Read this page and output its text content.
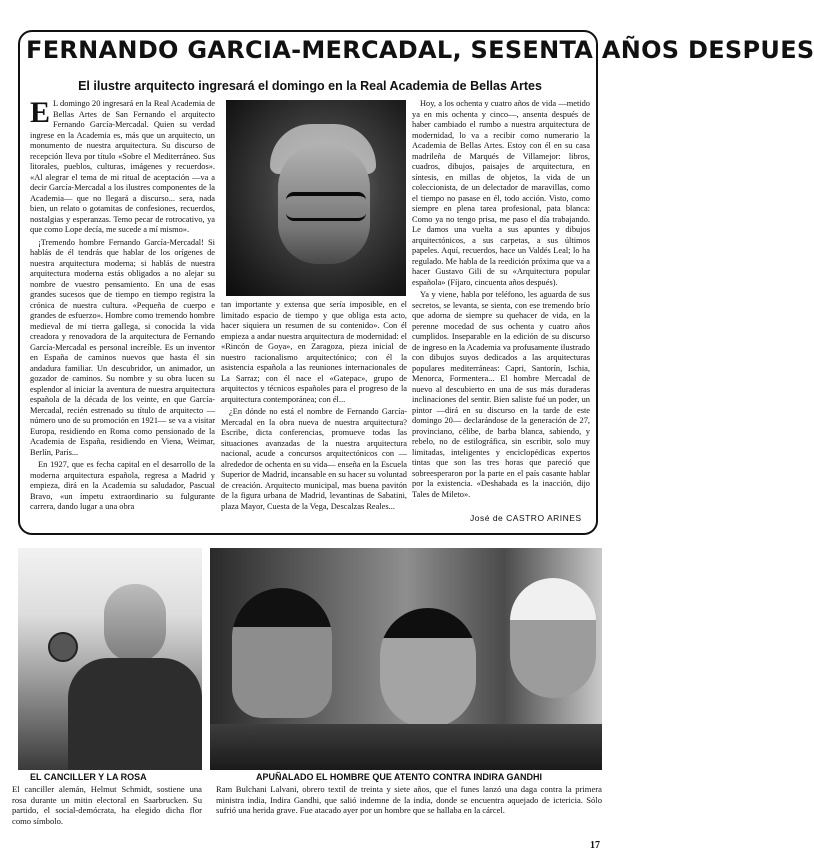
FERNANDO GARCIA-MERCADAL, SESENTA AÑOS DESPUES
El ilustre arquitecto ingresará el domingo en la Real Academia de Bellas Artes

E L domingo 20 ingresará en la Real Academia de Bellas Artes de San Fernando el arquitecto Fernando García-Mercadal. Quien su verdad ingrese en la Academia es, más que un arquitecto, un monumento de nuestra arquitectura. Su discurso de recepción lleva por título «Sobre el Mediterráneo. Sus litorales, pueblos, culturas, imágenes y recuerdos». «Al alegrar el tema de mi ritual de aceptación —va a decir García-Mercadal a los ilustres componentes de la Academia— que no llegará a discurso... sera, nada bien, un relato o gotamitas de confesiones, recuerdos, nostalgias y esperanzas. Temo pecar de rotrocativo, ya que como Lope decía, me sucede a mí mismo».

¡Tremendo hombre Fernando García-Mercadal! Si hablás de él tendrás que hablar de los orígenes de nuestra arquitectura moderna; si hablás de nuestra arquitectura moderna estás obligados a no alejar su nombre de vuestro pensamiento. En una de esas grandes sucesos que de tiempo en tiempo registra la crónica de nuestra cultura. «Pequeña de cuerpo e grandes de esfuerzo». Hombre como tremendo hombre medieval de mi tierra gallega, si conocida la vida creadora y renovadora de la arquitectura de Fernando García-Mercadal es personal increíble. Es un inventor en España de caminos nuevos que hasta él sin andadura familiar. Un descubridor, un animador, un gozador de caminos. Su nombre y su obra lucen su esplendor al iniciar la aventura de nuestra arquitectura española de la década de los veinte, en que García-Mercadal, recién estrenado su título de arquitecto —número uno de su promoción en 1921— se va a visitar Europa, residiendo en Roma como pensionado de la Academia de España, residiendo en Viena, Weimar, Berlín, París...

En 1927, que es fecha capital en el desarrollo de la moderna arquitectura española, regresa a Madrid y empieza, dirá en la Academia su saludador, Pascual Bravo, «un ímpetu extraordinario su fulgurante carrera, dando lugar a una obra

tan importante y extensa que sería imposible, en el limitado espacio de tiempo y que obliga esta acto, hacer siquiera un resumen de su contenido». Con él empieza a andar nuestra arquitectura de modernidad: el «Rincón de Goya», en Zaragoza, pieza inicial de nuestro racionalismo arquitectónico; con él la asistencia española a las reuniones internacionales de La Sarraz; con él nace el «Gatepac», grupo de arquitectos y técnicos españoles para el progreso de la arquitectura contemporánea; con él...

¿En dónde no está el nombre de Fernando García-Mercadal en la obra nueva de nuestra arquitectura? Escribe, dicta conferencias, promueve todas las situaciones avanzadas de la nuestra arquitectura nacional, acude a concursos arquitectónicos con —alrededor de ochenta en su vida— enseña en la Escuela Superior de Madrid, incansable en su hacer su voluntad de creación. Arquitecto municipal, mas buena pavitón de la figura urbana de Madrid, levantinas de Sabatini, plaza Mayor, Cuesta de la Vega, Descalzas Reales...

Hoy, a los ochenta y cuatro años de vida —metido ya en mis ochenta y cinco—, ansenta después de haber cambiado el rumbo a nuestra arquitectura de modernidad, lo va a recibir como numerario la Academia de Bellas Artes. Estoy con él en su casa madrileña de Marqués de Villamejor: libros, cuadros, dibujos, paisajes de arquitectura, en síntesis, en millas de objetos, la vida de un coleccionista, de un delectador de maravillas, como el tiempo no pasase en él, todo acción. Visto, como siempre en plena tarea profesional, pata blanca: Como ya no tengo prisa, me paso el día trabajando. Le damos una vuelta a sus apuntes y dibujos arquitectónicos, a sus carpetas, a sus últimos papeles. Aquí, recuerdos, hace un Valdés Leal; lo ha regulado. Me habla de la reedición próxima que va a hacer Gustavo Gili de su «Arquitectura popular española» (Fíjaro, cincuenta años después).

Ya y viene, habla por teléfono, les aguarda de sus secretos, se levanta, se sienta, con ese tremendo brío que adorna de siempre su quehacer de vida, en la perenne mocedad de sus ochenta y cuatro años cumplidos. Inseparable en la edición de su discurso de ingreso en la Academia va profusamente ilustrado con dibujos suyos dedicados a las arquitecturas populares mediterráneas: Capri, Santorín, Ischia, Menorca, Formentera... El hombre Mercadal de nuevo al descubierto en una de sus más duraderas inclinaciones del sentir. Bien saliste fué un poder, un pintor —dirá en su discurso en la tarde de este domingo 20— declarándose de la generación de 27, provinciano, célibe, de barba blanca, sabiendo, y rebelo, no de estilográfica, sin escribir, solo muy limitadas, inteligentes y enciclopédicas expertos tintas que son las tres horas que pareció que sobreesperaron por la parte en el país casante hablar por la existencia. «Deshabada es la inacción, dijo Tales de Mileto».

José de CASTRO ARINES
EL CANCILLER Y LA ROSA
El canciller alemán, Helmut Schmidt, sostiene una rosa durante un mitin electoral en Saarbrucken. Su partido, el social-demócrata, ha elegido dicha flor como símbolo.
APUÑALADO EL HOMBRE QUE ATENTO CONTRA INDIRA GANDHI
Ram Bulchani Lalvani, obrero textil de treinta y siete años, que el funes lanzó una daga contra la primera ministra india, Indira Gandhi, que salió indemne de la india, donde se encuentra aquejado de ictericia. Sólo sufrió una herida grave. Fue atacado ayer por un hombre que se hallaba en la cárcel.
17
